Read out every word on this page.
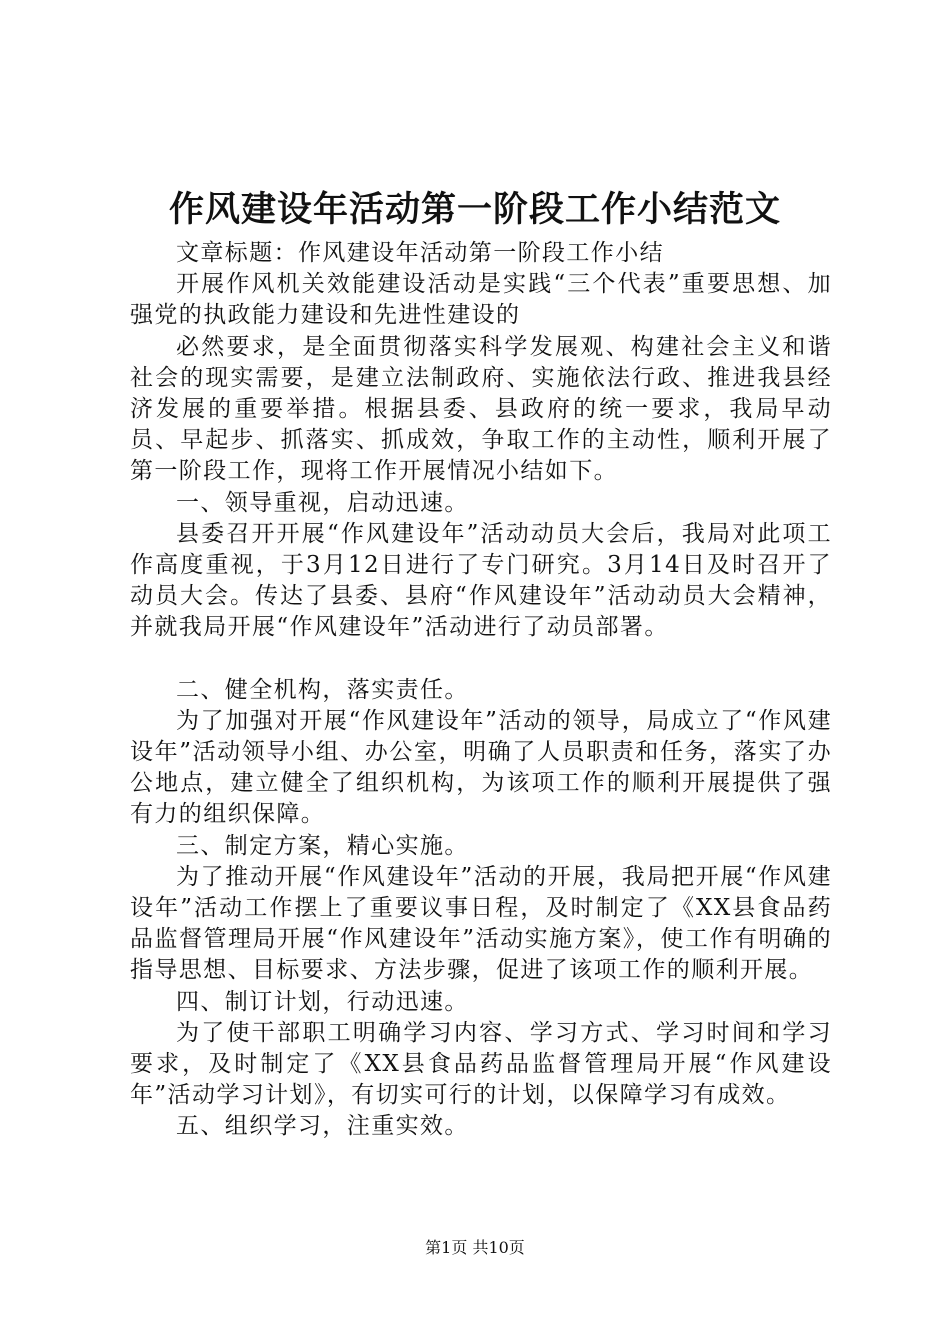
作风建设年活动第一阶段工作小结范文

文章标题：作风建设年活动第一阶段工作小结

开展作风机关效能建设活动是实践“三个代表”重要思想、加强党的执政能力建设和先进性建设的

必然要求，是全面贯彻落实科学发展观、构建社会主义和谐社会的现实需要，是建立法制政府、实施依法行政、推进我县经济发展的重要举措。根据县委、县政府的统一要求，我局早动员、早起步、抓落实、抓成效，争取工作的主动性，顺利开展了第一阶段工作，现将工作开展情况小结如下。

一、领导重视，启动迅速。

县委召开开展“作风建设年”活动动员大会后，我局对此项工作高度重视，于3月12日进行了专门研究。3月14日及时召开了动员大会。传达了县委、县府“作风建设年”活动动员大会精神，并就我局开展“作风建设年”活动进行了动员部署。

二、健全机构，落实责任。

为了加强对开展“作风建设年”活动的领导，局成立了“作风建设年”活动领导小组、办公室，明确了人员职责和任务，落实了办公地点，建立健全了组织机构，为该项工作的顺利开展提供了强有力的组织保障。

三、制定方案，精心实施。

为了推动开展“作风建设年”活动的开展，我局把开展“作风建设年”活动工作摆上了重要议事日程，及时制定了《XX县食品药品监督管理局开展“作风建设年”活动实施方案》，使工作有明确的指导思想、目标要求、方法步骤，促进了该项工作的顺利开展。

四、制订计划，行动迅速。

为了使干部职工明确学习内容、学习方式、学习时间和学习要求，及时制定了《XX县食品药品监督管理局开展“作风建设年”活动学习计划》，有切实可行的计划，以保障学习有成效。

五、组织学习，注重实效。

第1页 共10页
